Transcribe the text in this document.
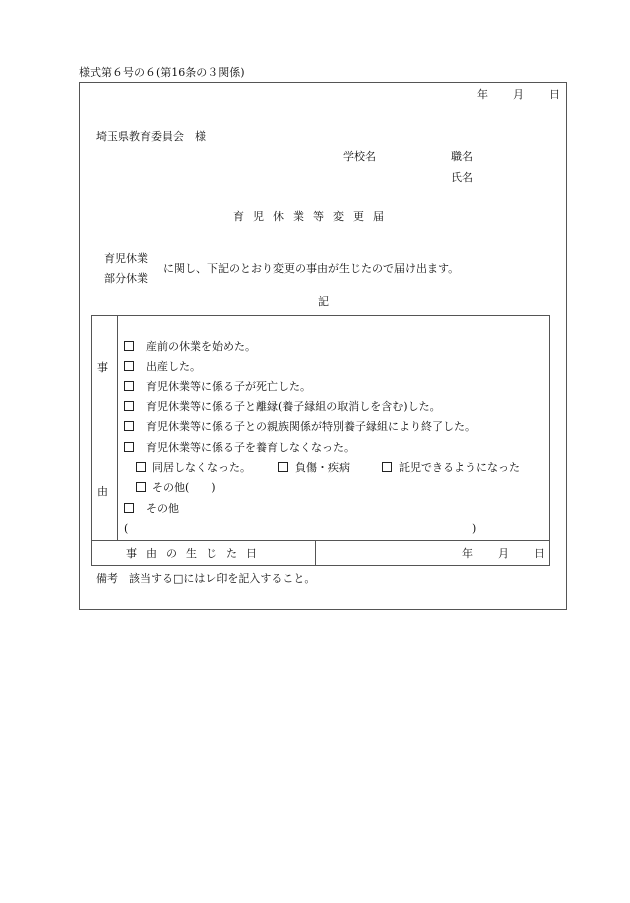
様式第６号の６(第16条の３関係)
年 月 日
埼玉県教育委員会　様
学校名	職名
氏名
育児休業等変更届
育児休業
部分休業
に関し、下記のとおり変更の事由が生じたので届け出ます。
記
事
由
産前の休業を始めた。
出産した。
育児休業等に係る子が死亡した。
育児休業等に係る子と離縁(養子縁組の取消しを含む)した。
育児休業等に係る子との親族関係が特別養子縁組により終了した。
育児休業等に係る子を養育しなくなった。
同居しなくなった。	負傷・疾病	託児できるようになった
その他(　　)
その他
(	)
事由の生じた日	年 月 日
備考　該当する□にはレ印を記入すること。
